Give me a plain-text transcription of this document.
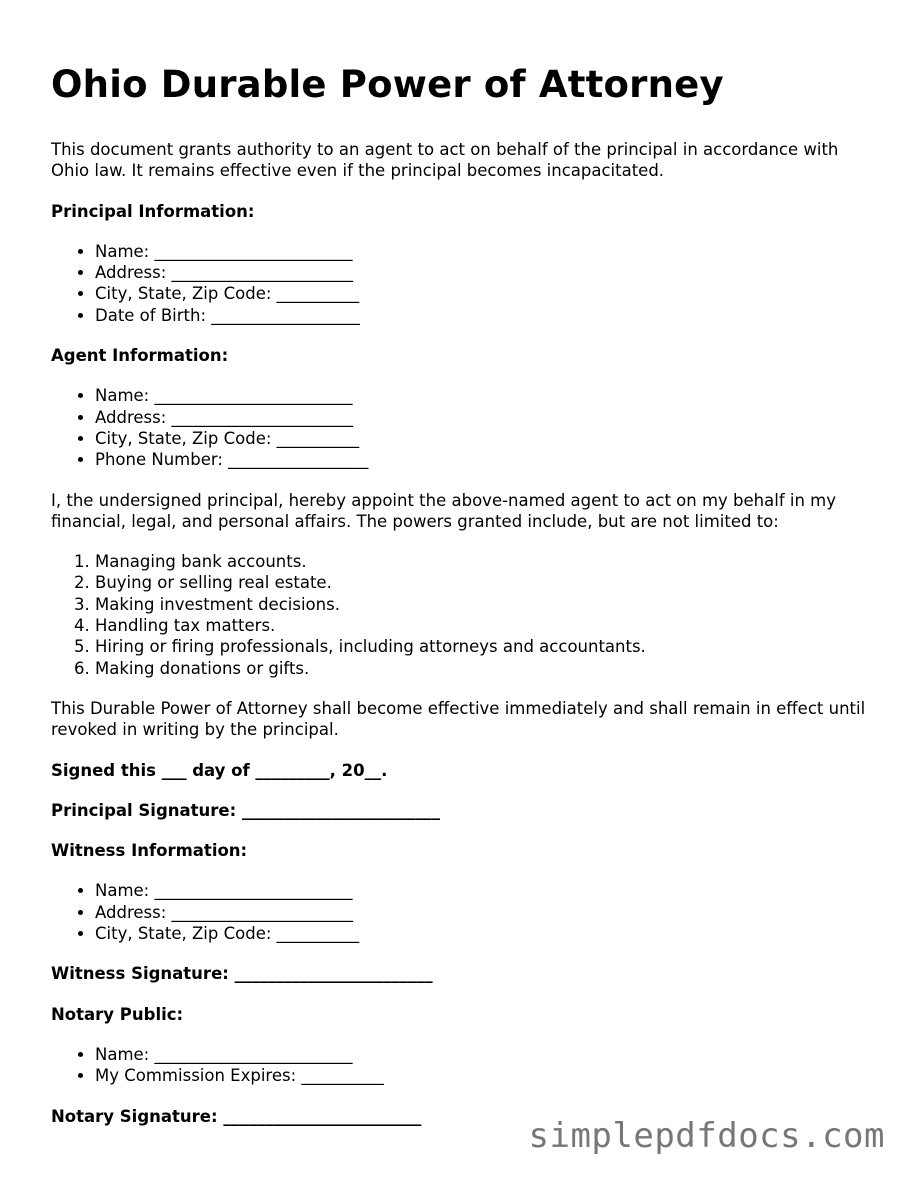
Ohio Durable Power of Attorney

This document grants authority to an agent to act on behalf of the principal in accordance with Ohio law. It remains effective even if the principal becomes incapacitated.

Principal Information:

• Name: ________________________
• Address: ______________________
• City, State, Zip Code: __________
• Date of Birth: __________________

Agent Information:

• Name: ________________________
• Address: ______________________
• City, State, Zip Code: __________
• Phone Number: _________________

I, the undersigned principal, hereby appoint the above-named agent to act on my behalf in my financial, legal, and personal affairs. The powers granted include, but are not limited to:

1. Managing bank accounts.
2. Buying or selling real estate.
3. Making investment decisions.
4. Handling tax matters.
5. Hiring or firing professionals, including attorneys and accountants.
6. Making donations or gifts.

This Durable Power of Attorney shall become effective immediately and shall remain in effect until revoked in writing by the principal.

Signed this ___ day of _________, 20__.

Principal Signature: ________________________

Witness Information:

• Name: ________________________
• Address: ______________________
• City, State, Zip Code: __________

Witness Signature: ________________________

Notary Public:

• Name: ________________________
• My Commission Expires: __________

Notary Signature: ________________________	simplepdfdocs.com
